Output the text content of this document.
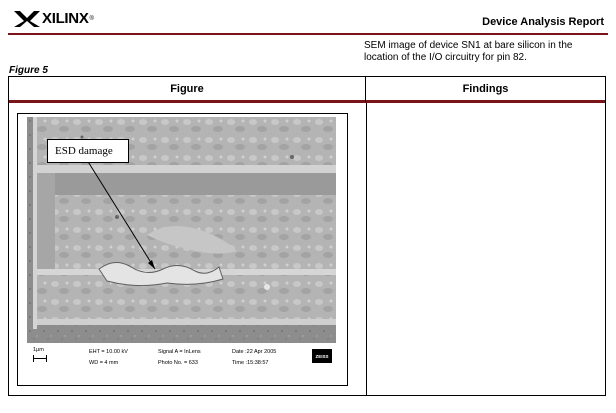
XILINX ®	Device Analysis Report
Figure 5
Figure	Findings
SEM image of device SN1 at bare silicon in the location of the I/O circuitry for pin 82.
ESD damage
1µm	EHT = 10.00 kV
WD = 4 mm
Signal A = InLens
Photo No. = 633
Date :22 Apr 2005
Time :15:38:57
ZEISS
